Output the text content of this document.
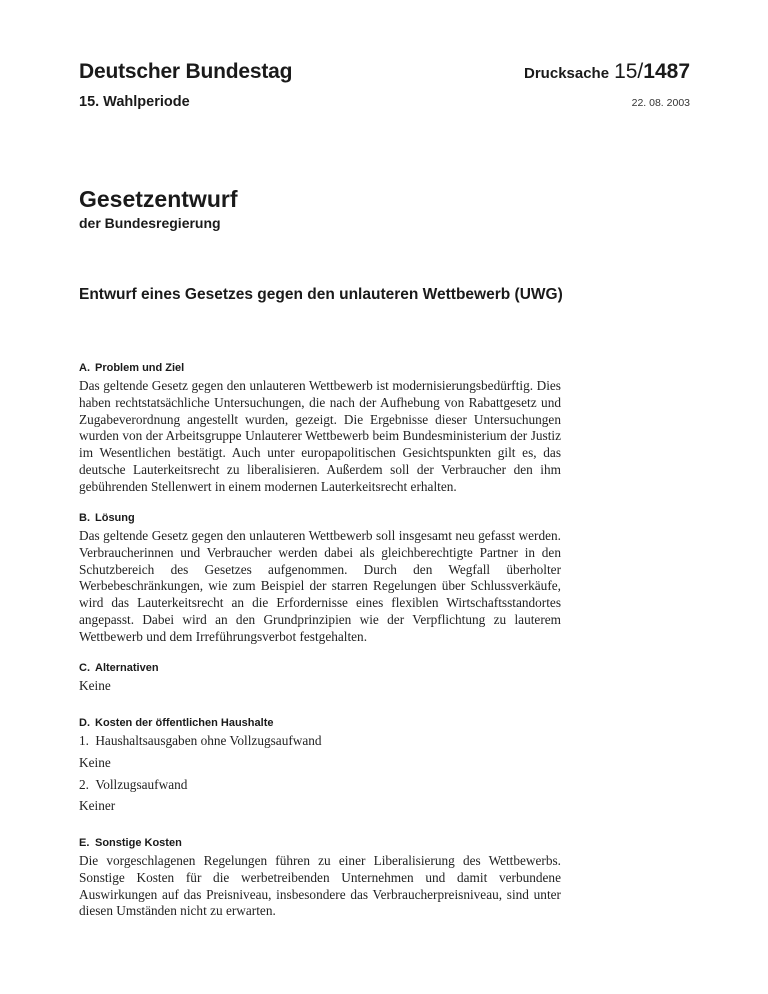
Deutscher Bundestag
15. Wahlperiode
Drucksache 15/1487
22. 08. 2003
Gesetzentwurf
der Bundesregierung
Entwurf eines Gesetzes gegen den unlauteren Wettbewerb (UWG)
A. Problem und Ziel
Das geltende Gesetz gegen den unlauteren Wettbewerb ist modernisierungsbedürftig. Dies haben rechtstatsächliche Untersuchungen, die nach der Aufhebung von Rabattgesetz und Zugabeverordnung angestellt wurden, gezeigt. Die Ergebnisse dieser Untersuchungen wurden von der Arbeitsgruppe Unlauterer Wettbewerb beim Bundesministerium der Justiz im Wesentlichen bestätigt. Auch unter europapolitischen Gesichtspunkten gilt es, das deutsche Lauterkeitsrecht zu liberalisieren. Außerdem soll der Verbraucher den ihm gebührenden Stellenwert in einem modernen Lauterkeitsrecht erhalten.
B. Lösung
Das geltende Gesetz gegen den unlauteren Wettbewerb soll insgesamt neu gefasst werden. Verbraucherinnen und Verbraucher werden dabei als gleichberechtigte Partner in den Schutzbereich des Gesetzes aufgenommen. Durch den Wegfall überholter Werbebeschränkungen, wie zum Beispiel der starren Regelungen über Schlussverkäufe, wird das Lauterkeitsrecht an die Erfordernisse eines flexiblen Wirtschaftsstandortes angepasst. Dabei wird an den Grundprinzipien wie der Verpflichtung zu lauterem Wettbewerb und dem Irreführungsverbot festgehalten.
C. Alternativen
Keine
D. Kosten der öffentlichen Haushalte
1. Haushaltsausgaben ohne Vollzugsaufwand
Keine
2. Vollzugsaufwand
Keiner
E. Sonstige Kosten
Die vorgeschlagenen Regelungen führen zu einer Liberalisierung des Wettbewerbs. Sonstige Kosten für die werbetreibenden Unternehmen und damit verbundene Auswirkungen auf das Preisniveau, insbesondere das Verbraucherpreisniveau, sind unter diesen Umständen nicht zu erwarten.
